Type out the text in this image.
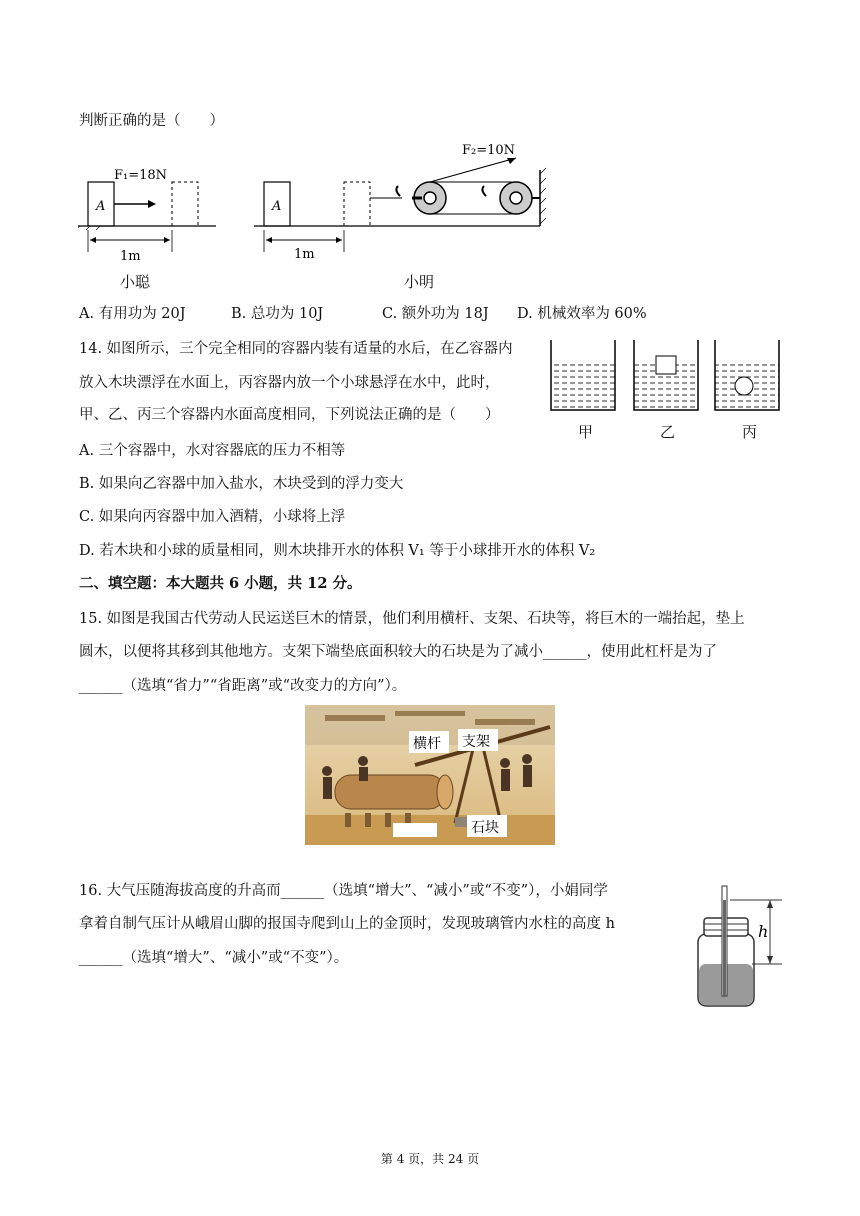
判断正确的是（　　）
A
F₁=18N
1m
小聪
A
F₂=10N
1m
小明
A. 有用功为 20J	B. 总功为 10J	C. 额外功为 18J D. 机械效率为 60%
14. 如图所示，三个完全相同的容器内装有适量的水后，在乙容器内
放入木块漂浮在水面上，丙容器内放一个小球悬浮在水中，此时，
甲、乙、丙三个容器内水面高度相同，下列说法正确的是（　　）
甲	乙	丙
A. 三个容器中，水对容器底的压力不相等
B. 如果向乙容器中加入盐水，木块受到的浮力变大
C. 如果向丙容器中加入酒精，小球将上浮
D. 若木块和小球的质量相同，则木块排开水的体积 V₁ 等于小球排开水的体积 V₂
二、填空题：本大题共 6 小题，共 12 分。
15. 如图是我国古代劳动人民运送巨木的情景，他们利用横杆、支架、石块等，将巨木的一端抬起，垫上
圆木，以便将其移到其他地方。支架下端垫底面积较大的石块是为了减小______，使用此杠杆是为了
______（选填“省力”“省距离”或“改变力的方向”）。
横杆 支架
石块
16. 大气压随海拔高度的升高而______（选填“增大”、“减小”或“不变”），小娟同学
拿着自制气压计从峨眉山脚的报国寺爬到山上的金顶时，发现玻璃管内水柱的高度 h
______（选填“增大”、“减小”或“不变”）。
h
第 4 页，共 24 页
